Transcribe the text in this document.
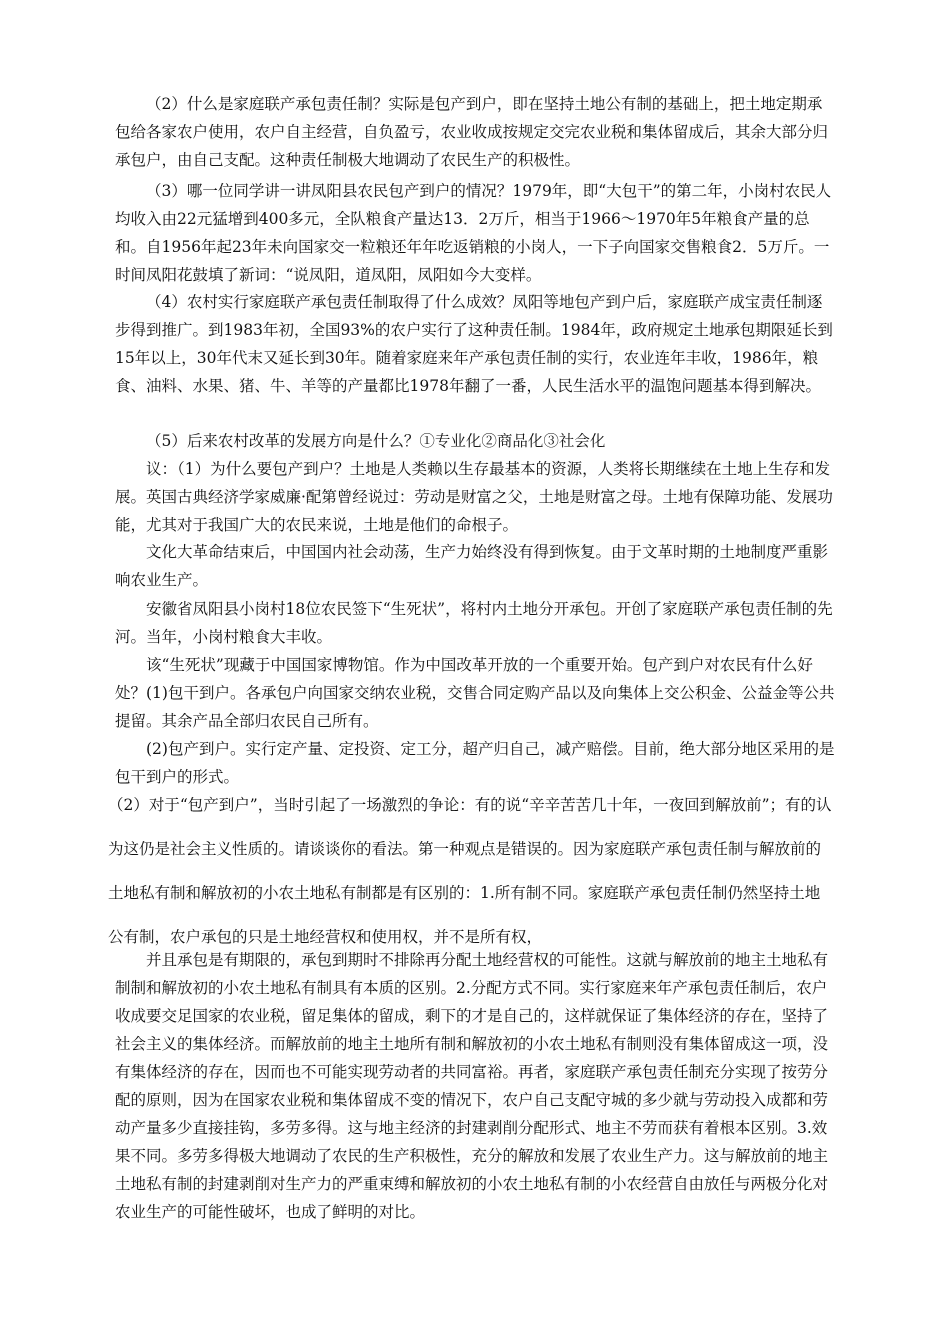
（2）什么是家庭联产承包责任制？实际是包产到户，即在坚持土地公有制的基础上，把土地定期承包给各家农户使用，农户自主经营，自负盈亏，农业收成按规定交完农业税和集体留成后，其余大部分归承包户，由自己支配。这种责任制极大地调动了农民生产的积极性。

（3）哪一位同学讲一讲凤阳县农民包产到户的情况？1979年，即“大包干”的第二年，小岗村农民人均收入由22元猛增到400多元，全队粮食产量达13．2万斤，相当于1966～1970年5年粮食产量的总和。自1956年起23年未向国家交一粒粮还年年吃返销粮的小岗人，一下子向国家交售粮食2．5万斤。一时间凤阳花鼓填了新词：“说凤阳，道凤阳，凤阳如今大变样。

（4）农村实行家庭联产承包责任制取得了什么成效？凤阳等地包产到户后，家庭联产成宝责任制逐步得到推广。到1983年初，全国93%的农户实行了这种责任制。1984年，政府规定土地承包期限延长到15年以上，30年代末又延长到30年。随着家庭来年产承包责任制的实行，农业连年丰收，1986年，粮食、油料、水果、猪、牛、羊等的产量都比1978年翻了一番，人民生活水平的温饱问题基本得到解决。

（5）后来农村改革的发展方向是什么？①专业化②商品化③社会化

议：（1）为什么要包产到户？土地是人类赖以生存最基本的资源，人类将长期继续在土地上生存和发展。英国古典经济学家威廉·配第曾经说过：劳动是财富之父，土地是财富之母。土地有保障功能、发展功能，尤其对于我国广大的农民来说，土地是他们的命根子。

文化大革命结束后，中国国内社会动荡，生产力始终没有得到恢复。由于文革时期的土地制度严重影响农业生产。

安徽省凤阳县小岗村18位农民签下“生死状”，将村内土地分开承包。开创了家庭联产承包责任制的先河。当年，小岗村粮食大丰收。

该“生死状”现藏于中国国家博物馆。作为中国改革开放的一个重要开始。包产到户对农民有什么好处？(1)包干到户。各承包户向国家交纳农业税，交售合同定购产品以及向集体上交公积金、公益金等公共提留。其余产品全部归农民自己所有。

(2)包产到户。实行定产量、定投资、定工分，超产归自己，减产赔偿。目前，绝大部分地区采用的是包干到户的形式。

（2）对于“包产到户”，当时引起了一场激烈的争论：有的说“辛辛苦苦几十年，一夜回到解放前”；有的认为这仍是社会主义性质的。请谈谈你的看法。第一种观点是错误的。因为家庭联产承包责任制与解放前的土地私有制和解放初的小农土地私有制都是有区别的：1.所有制不同。家庭联产承包责任制仍然坚持土地公有制，农户承包的只是土地经营权和使用权，并不是所有权，

并且承包是有期限的，承包到期时不排除再分配土地经营权的可能性。这就与解放前的地主土地私有制制和解放初的小农土地私有制具有本质的区别。2.分配方式不同。实行家庭来年产承包责任制后，农户收成要交足国家的农业税，留足集体的留成，剩下的才是自己的，这样就保证了集体经济的存在，坚持了社会主义的集体经济。而解放前的地主土地所有制和解放初的小农土地私有制则没有集体留成这一项，没有集体经济的存在，因而也不可能实现劳动者的共同富裕。再者，家庭联产承包责任制充分实现了按劳分配的原则，因为在国家农业税和集体留成不变的情况下，农户自己支配守城的多少就与劳动投入成都和劳动产量多少直接挂钩，多劳多得。这与地主经济的封建剥削分配形式、地主不劳而获有着根本区别。3.效果不同。多劳多得极大地调动了农民的生产积极性，充分的解放和发展了农业生产力。这与解放前的地主土地私有制的封建剥削对生产力的严重束缚和解放初的小农土地私有制的小农经营自由放任与两极分化对农业生产的可能性破坏，也成了鲜明的对比。
